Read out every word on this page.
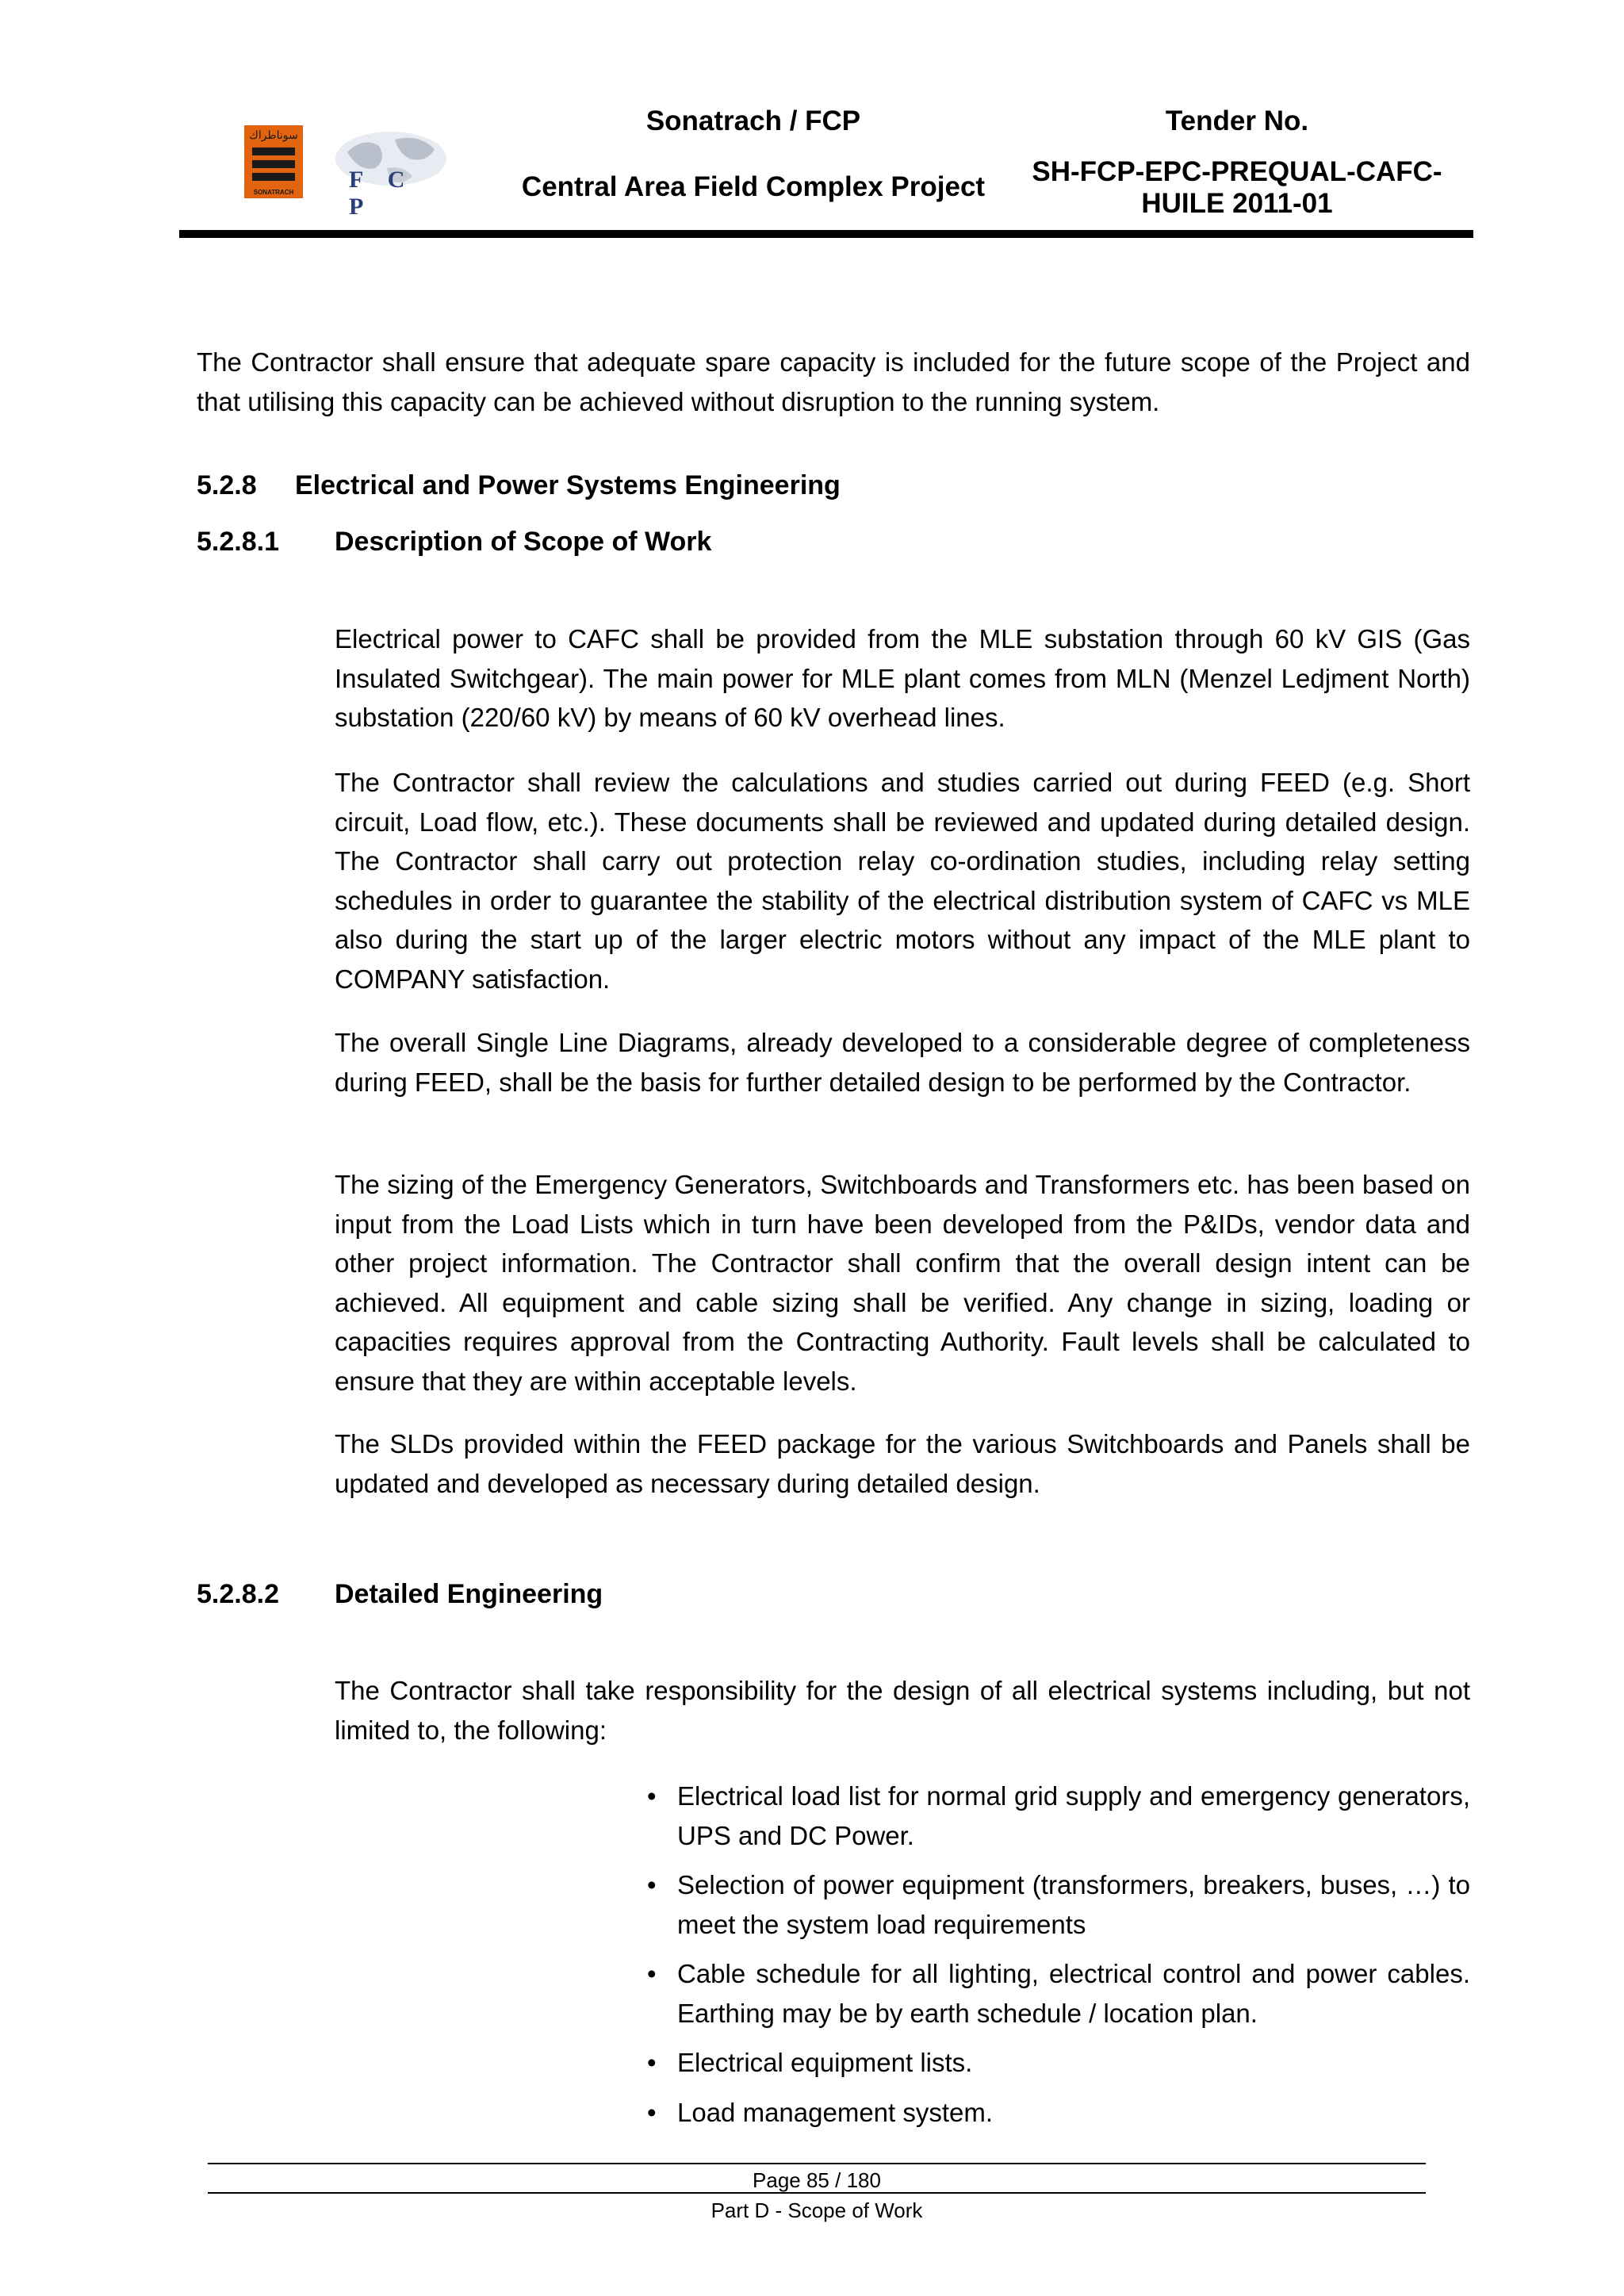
سوناطراك
SONATRACH	F C P
Sonatrach / FCP
Central Area Field Complex Project
Tender No.
SH-FCP-EPC-PREQUAL-CAFC-
HUILE 2011-01
The Contractor shall ensure that adequate spare capacity is included for the future scope of the Project and that utilising this capacity can be achieved without disruption to the running system.
5.2.8 Electrical and Power Systems Engineering
5.2.8.1 Description of Scope of Work
Electrical power to CAFC shall be provided from the MLE substation through 60 kV GIS (Gas Insulated Switchgear). The main power for MLE plant comes from MLN (Menzel Ledjment North) substation (220/60 kV) by means of 60 kV overhead lines.
The Contractor shall review the calculations and studies carried out during FEED (e.g. Short circuit, Load flow, etc.). These documents shall be reviewed and updated during detailed design. The Contractor shall carry out protection relay co-ordination studies, including relay setting schedules in order to guarantee the stability of the electrical distribution system of CAFC vs MLE also during the start up of the larger electric motors without any impact of the MLE plant to COMPANY satisfaction.
The overall Single Line Diagrams, already developed to a considerable degree of completeness during FEED, shall be the basis for further detailed design to be performed by the Contractor.
The sizing of the Emergency Generators, Switchboards and Transformers etc. has been based on input from the Load Lists which in turn have been developed from the P&IDs, vendor data and other project information. The Contractor shall confirm that the overall design intent can be achieved. All equipment and cable sizing shall be verified. Any change in sizing, loading or capacities requires approval from the Contracting Authority. Fault levels shall be calculated to ensure that they are within acceptable levels.
The SLDs provided within the FEED package for the various Switchboards and Panels shall be updated and developed as necessary during detailed design.
5.2.8.2 Detailed Engineering
The Contractor shall take responsibility for the design of all electrical systems including, but not limited to, the following:
• Electrical load list for normal grid supply and emergency generators, UPS and DC Power.
• Selection of power equipment (transformers, breakers, buses, …) to meet the system load requirements
• Cable schedule for all lighting, electrical control and power cables. Earthing may be by earth schedule / location plan.
• Electrical equipment lists.
• Load management system.
Page 85 / 180
Part D - Scope of Work
